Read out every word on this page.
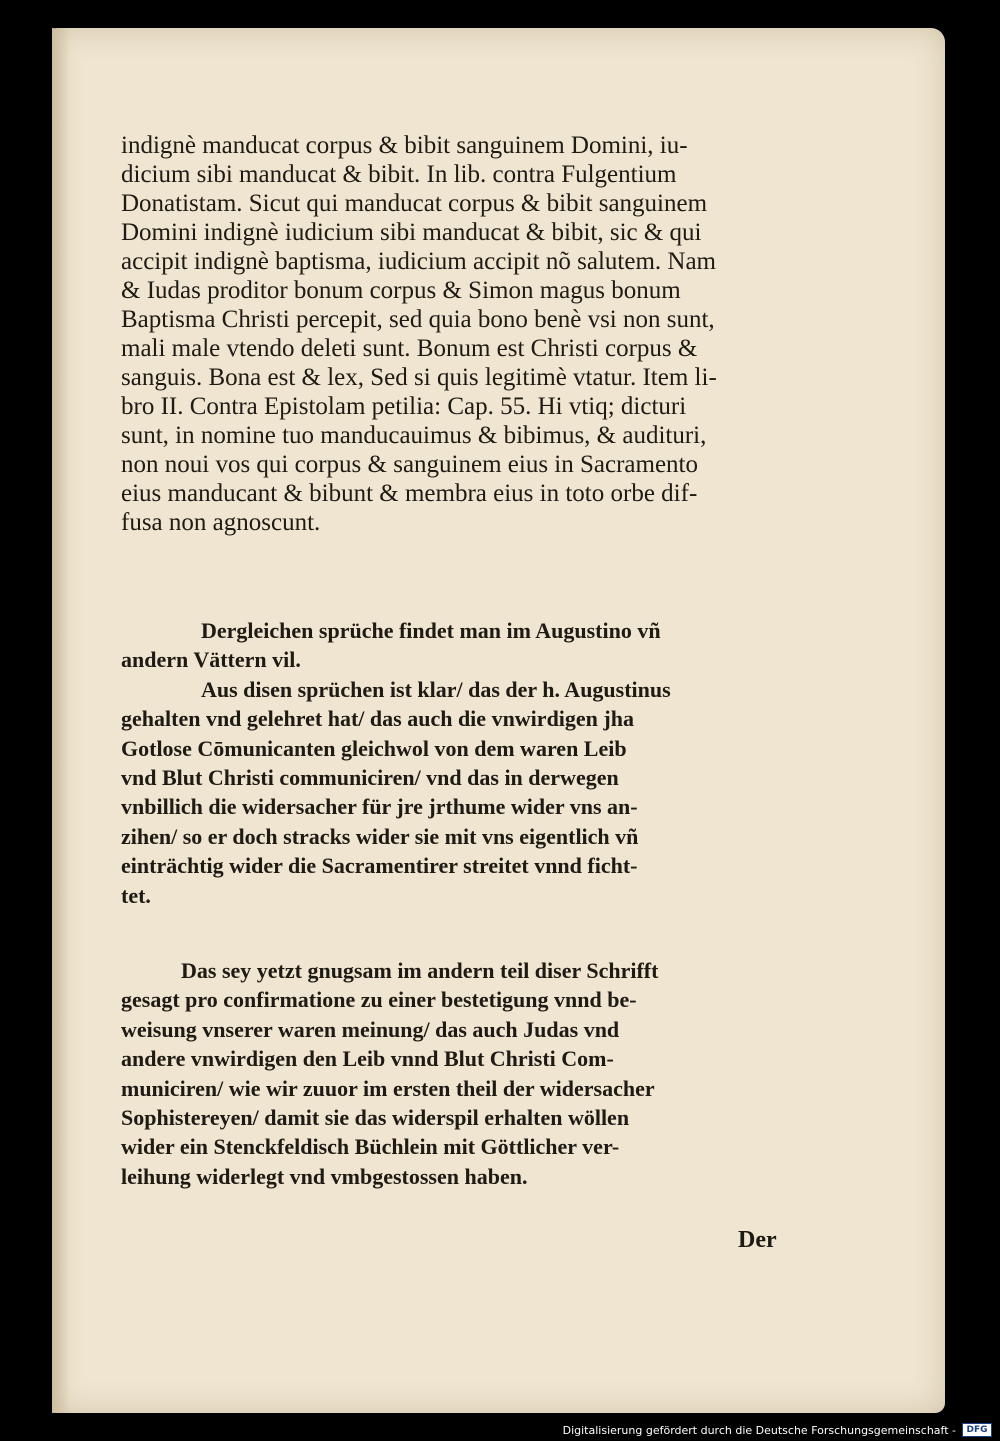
indignè manducat corpus & bibit sanguinem Domini, iu-
dicium sibi manducat & bibit. In lib. contra Fulgentium
Donatistam. Sicut qui manducat corpus & bibit sanguinem
Domini indignè iudicium sibi manducat & bibit, sic & qui
accipit indignè baptisma, iudicium accipit nõ salutem. Nam
& Iudas proditor bonum corpus & Simon magus bonum
Baptisma Christi percepit, sed quia bono benè vsi non sunt,
mali male vtendo deleti sunt. Bonum est Christi corpus &
sanguis. Bona est & lex, Sed si quis legitimè vtatur. Item li-
bro II. Contra Epistolam petilia: Cap. 55. Hi vtiq; dicturi
sunt, in nomine tuo manducauimus & bibimus, & audituri,
non noui vos qui corpus & sanguinem eius in Sacramento
eius manducant & bibunt & membra eius in toto orbe dif-
fusa non agnoscunt.
Dergleichen sprüche findet man im Augustino vñ
andern Vättern vil.
Aus disen sprüchen ist klar/ das der h. Augustinus
gehalten vnd gelehret hat/ das auch die vnwirdigen jha
Gotlose Cōmunicanten gleichwol von dem waren Leib
vnd Blut Christi communiciren/ vnd das in derwegen
vnbillich die widersacher für jre jrthume wider vns an-
zihen/ so er doch stracks wider sie mit vns eigentlich vñ
einträchtig wider die Sacramentirer streitet vnnd ficht-
tet.
Das sey yetzt gnugsam im andern teil diser Schrifft
gesagt pro confirmatione zu einer bestetigung vnnd be-
weisung vnserer waren meinung/ das auch Judas vnd
andere vnwirdigen den Leib vnnd Blut Christi Com-
municiren/ wie wir zuuor im ersten theil der widersacher
Sophistereyen/ damit sie das widerspil erhalten wöllen
wider ein Stenckfeldisch Büchlein mit Göttlicher ver-
leihung widerlegt vnd vmbgestossen haben.
Der
Digitalisierung gefördert durch die Deutsche Forschungsgemeinschaft -	DFG
